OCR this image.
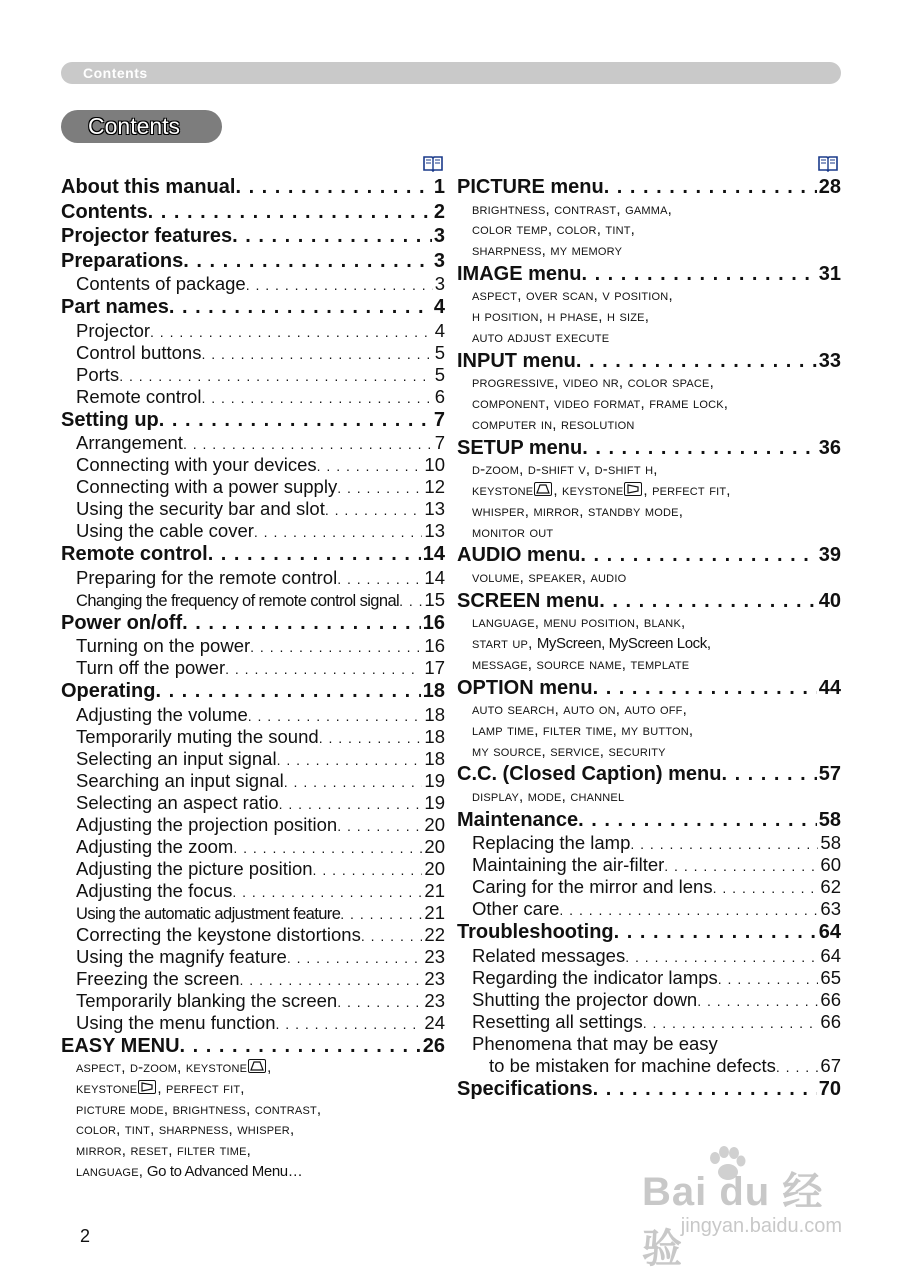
Contents
Contents
About this manual . . .	1
Contents . . .	2
Projector features . . .	3
Preparations . . .	3
Contents of package . . .	3
Part names . . .	4
Projector . . .	4
Control buttons . . .	5
Ports . . .	5
Remote control . . .	6
Setting up . . .	7
Arrangement . . .	7
Connecting with your devices . . .	10
Connecting with a power supply . . .	12
Using the security bar and slot . . .	13
Using the cable cover . . .	13
Remote control . . .	14
Preparing for the remote control . . .	14
Changing the frequency of remote control signal . . . 15
Power on/off . . .	16
Turning on the power . . .	16
Turn off the power . . .	17
Operating . . .	18
Adjusting the volume . . .	18
Temporarily muting the sound . . .	18
Selecting an input signal . . .	18
Searching an input signal . . .	19
Selecting an aspect ratio . . .	19
Adjusting the projection position . . .	20
Adjusting the zoom . . .	20
Adjusting the picture position . . .	20
Adjusting the focus . . .	21
Using the automatic adjustment feature . . .	21
Correcting the keystone distortions . . .	22
Using the magnify feature . . .	23
Freezing the screen . . .	23
Temporarily blanking the screen . . .	23
Using the menu function . . .	24
EASY MENU . . .	26
aspect, d-zoom, keystone ,
keystone , perfect fit,
picture mode, brightness, contrast,
color, tint, sharpness, whisper,
mirror, reset, filter time,
language, Go to Advanced Menu…
PICTURE menu . . .	28
brightness, contrast, gamma,
color temp, color, tint,
sharpness, my memory
IMAGE menu . . .	31
aspect, over scan, v position,
h position, h phase, h size,
auto adjust execute
INPUT menu . . .	33
progressive, video nr, color space,
component, video format, frame lock,
computer in, resolution
SETUP menu . . .	36
d-zoom, d-shift v, d-shift h,
keystone , keystone , perfect fit,
whisper, mirror, standby mode,
monitor out
AUDIO menu . . .	39
volume, speaker, audio
SCREEN menu . . .	40
language, menu position, blank,
start up, MyScreen, MyScreen Lock,
message, source name, template
OPTION menu . . .	44
auto search, auto on, auto off,
lamp time, filter time, my button,
my source, service, security
C.C. (Closed Caption) menu . . .	57
display, mode, channel
Maintenance . . .	58
Replacing the lamp . . .	58
Maintaining the air-filter . . .	60
Caring for the mirror and lens . . .	62
Other care . . .	63
Troubleshooting . . .	64
Related messages . . .	64
Regarding the indicator lamps . . .	65
Shutting the projector down . . .	66
Resetting all settings . . .	66
Phenomena that may be easy
to be mistaken for machine defects . . . 67
Specifications . . .	70
2
Bai du 经验
jingyan.baidu.com
